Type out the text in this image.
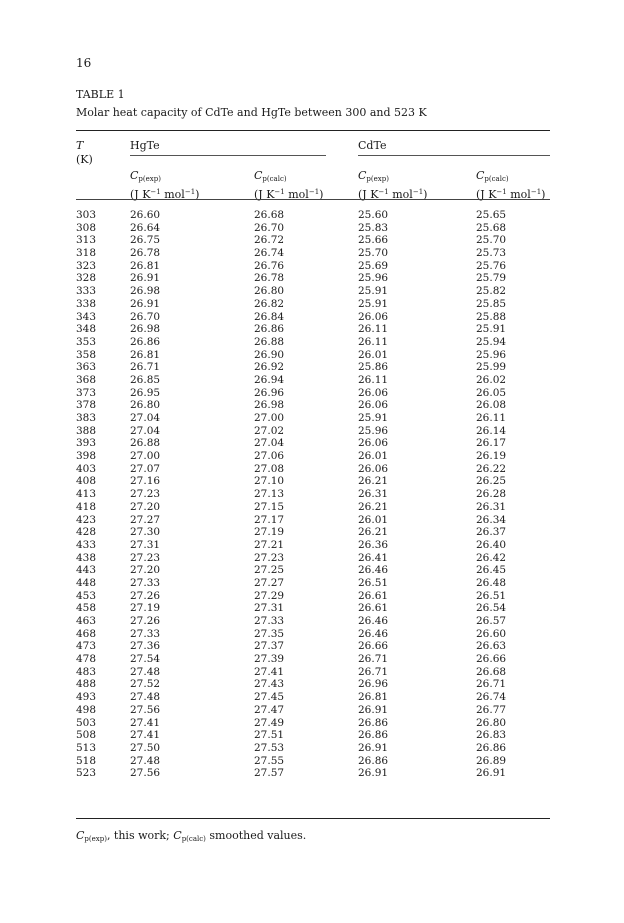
16
TABLE 1
Molar heat capacity of CdTe and HgTe between 300 and 523 K
T
(K)
HgTe	CdTe
$C_{p(exp)}$
(J $K^{-1}$ mol$^{-1}$)
$C_{p(calc)}$
(J $K^{-1}$ mol$^{-1}$)
$C_{p(exp)}$
(J $K^{-1}$ mol$^{-1}$)
$C_{p(calc)}$
(J $K^{-1}$ mol$^{-1}$)
303	26.60	26.68	25.60	25.65
308	26.64	26.70	25.83	25.68
313	26.75	26.72	25.66	25.70
318	26.78	26.74	25.70	25.73
323	26.81	26.76	25.69	25.76
328	26.91	26.78	25.96	25.79
333	26.98	26.80	25.91	25.82
338	26.91	26.82	25.91	25.85
343	26.70	26.84	26.06	25.88
348	26.98	26.86	26.11	25.91
353	26.86	26.88	26.11	25.94
358	26.81	26.90	26.01	25.96
363	26.71	26.92	25.86	25.99
368	26.85	26.94	26.11	26.02
373	26.95	26.96	26.06	26.05
378	26.80	26.98	26.06	26.08
383	27.04	27.00	25.91	26.11
388	27.04	27.02	25.96	26.14
393	26.88	27.04	26.06	26.17
398	27.00	27.06	26.01	26.19
403	27.07	27.08	26.06	26.22
408	27.16	27.10	26.21	26.25
413	27.23	27.13	26.31	26.28
418	27.20	27.15	26.21	26.31
423	27.27	27.17	26.01	26.34
428	27.30	27.19	26.21	26.37
433	27.31	27.21	26.36	26.40
438	27.23	27.23	26.41	26.42
443	27.20	27.25	26.46	26.45
448	27.33	27.27	26.51	26.48
453	27.26	27.29	26.61	26.51
458	27.19	27.31	26.61	26.54
463	27.26	27.33	26.46	26.57
468	27.33	27.35	26.46	26.60
473	27.36	27.37	26.66	26.63
478	27.54	27.39	26.71	26.66
483	27.48	27.41	26.71	26.68
488	27.52	27.43	26.96	26.71
493	27.48	27.45	26.81	26.74
498	27.56	27.47	26.91	26.77
503	27.41	27.49	26.86	26.80
508	27.41	27.51	26.86	26.83
513	27.50	27.53	26.91	26.86
518	27.48	27.55	26.86	26.89
523	27.56	27.57	26.91	26.91
$C_{p(exp)}$, this work; $C_{p(calc)}$ smoothed values.
